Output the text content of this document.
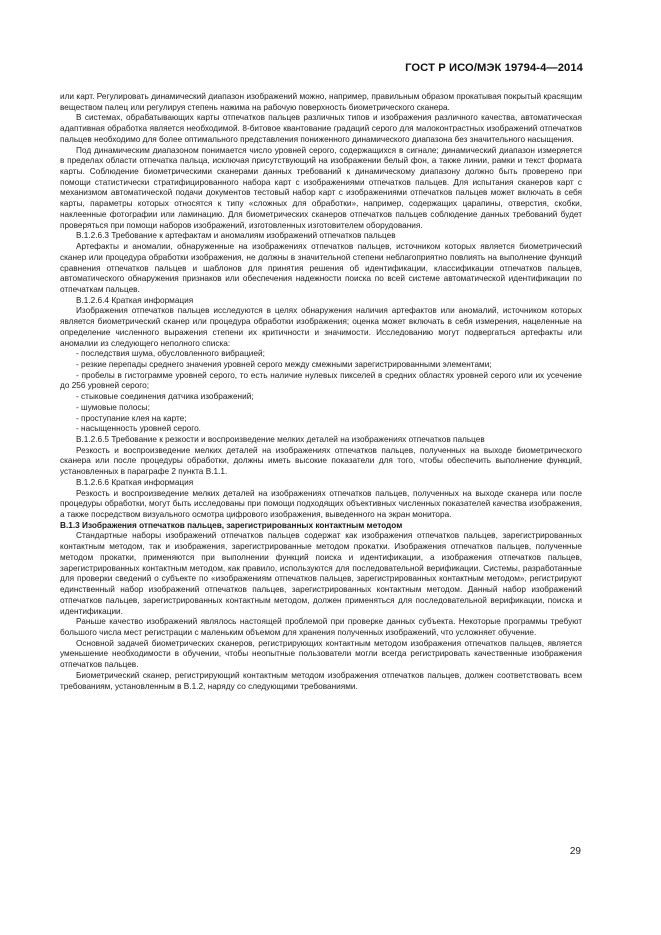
ГОСТ Р ИСО/МЭК 19794-4—2014

или карт. Регулировать динамический диапазон изображений можно, например, правильным образом прокатывая покрытый красящим веществом палец или регулируя степень нажима на рабочую поверхность биометрического сканера.

В системах, обрабатывающих карты отпечатков пальцев различных типов и изображения различного качества, автоматическая адаптивная обработка является необходимой. 8-битовое квантование градаций серого для малоконтрастных изображений отпечатков пальцев необходимо для более оптимального представления пониженного динамического диапазона без значительного насыщения.

Под динамическим диапазоном понимается число уровней серого, содержащихся в сигнале; динамический диапазон измеряется в пределах области отпечатка пальца, исключая присутствующий на изображении белый фон, а также линии, рамки и текст формата карты. Соблюдение биометрическими сканерами данных требований к динамическому диапазону должно быть проверено при помощи статистически стратифицированного набора карт с изображениями отпечатков пальцев. Для испытания сканеров карт с механизмом автоматической подачи документов тестовый набор карт с изображениями отпечатков пальцев может включать в себя карты, параметры которых относятся к типу «сложных для обработки», например, содержащих царапины, отверстия, скобки, наклеенные фотографии или ламинацию. Для биометрических сканеров отпечатков пальцев соблюдение данных требований будет проверяться при помощи наборов изображений, изготовленных изготовителем оборудования.

В.1.2.6.3 Требование к артефактам и аномалиям изображений отпечатков пальцев

Артефакты и аномалии, обнаруженные на изображениях отпечатков пальцев, источником которых является биометрический сканер или процедура обработки изображения, не должны в значительной степени неблагоприятно повлиять на выполнение функций сравнения отпечатков пальцев и шаблонов для принятия решения об идентификации, классификации отпечатков пальцев, автоматического обнаружения признаков или обеспечения надежности поиска по всей системе автоматической идентификации по отпечаткам пальцев.

В.1.2.6.4 Краткая информация

Изображения отпечатков пальцев исследуются в целях обнаружения наличия артефактов или аномалий, источником которых является биометрический сканер или процедура обработки изображения; оценка может включать в себя измерения, нацеленные на определение численного выражения степени их критичности и значимости. Исследованию могут подвергаться артефакты или аномалии из следующего неполного списка:

- последствия шума, обусловленного вибрацией;

- резкие перепады среднего значения уровней серого между смежными зарегистрированными элементами;

- пробелы в гистограмме уровней серого, то есть наличие нулевых пикселей в средних областях уровней серого или их усечение до 256 уровней серого;

- стыковые соединения датчика изображений;

- шумовые полосы;

- проступание клея на карте;

- насыщенность уровней серого.

В.1.2.6.5 Требование к резкости и воспроизведение мелких деталей на изображениях отпечатков пальцев

Резкость и воспроизведение мелких деталей на изображениях отпечатков пальцев, полученных на выходе биометрического сканера или после процедуры обработки, должны иметь высокие показатели для того, чтобы обеспечить выполнение функций, установленных в параграфе 2 пункта В.1.1.

В.1.2.6.6 Краткая информация

Резкость и воспроизведение мелких деталей на изображениях отпечатков пальцев, полученных на выходе сканера или после процедуры обработки, могут быть исследованы при помощи подходящих объективных численных показателей качества изображения, а также посредством визуального осмотра цифрового изображения, выведенного на экран монитора.

В.1.3 Изображения отпечатков пальцев, зарегистрированных контактным методом

Стандартные наборы изображений отпечатков пальцев содержат как изображения отпечатков пальцев, зарегистрированных контактным методом, так и изображения, зарегистрированные методом прокатки. Изображения отпечатков пальцев, полученные методом прокатки, применяются при выполнении функций поиска и идентификации, а изображения отпечатков пальцев, зарегистрированных контактным методом, как правило, используются для последовательной верификации. Системы, разработанные для проверки сведений о субъекте по «изображениям отпечатков пальцев, зарегистрированных контактным методом», регистрируют единственный набор изображений отпечатков пальцев, зарегистрированных контактным методом. Данный набор изображений отпечатков пальцев, зарегистрированных контактным методом, должен применяться для последовательной верификации, поиска и идентификации.

Раньше качество изображений являлось настоящей проблемой при проверке данных субъекта. Некоторые программы требуют большого числа мест регистрации с маленьким объемом для хранения полученных изображений, что усложняет обучение.

Основной задачей биометрических сканеров, регистрирующих контактным методом изображения отпечатков пальцев, является уменьшение необходимости в обучении, чтобы неопытные пользователи могли всегда регистрировать качественные изображения отпечатков пальцев.

Биометрический сканер, регистрирующий контактным методом изображения отпечатков пальцев, должен соответствовать всем требованиям, установленным в В.1.2, наряду со следующими требованиями.

29
